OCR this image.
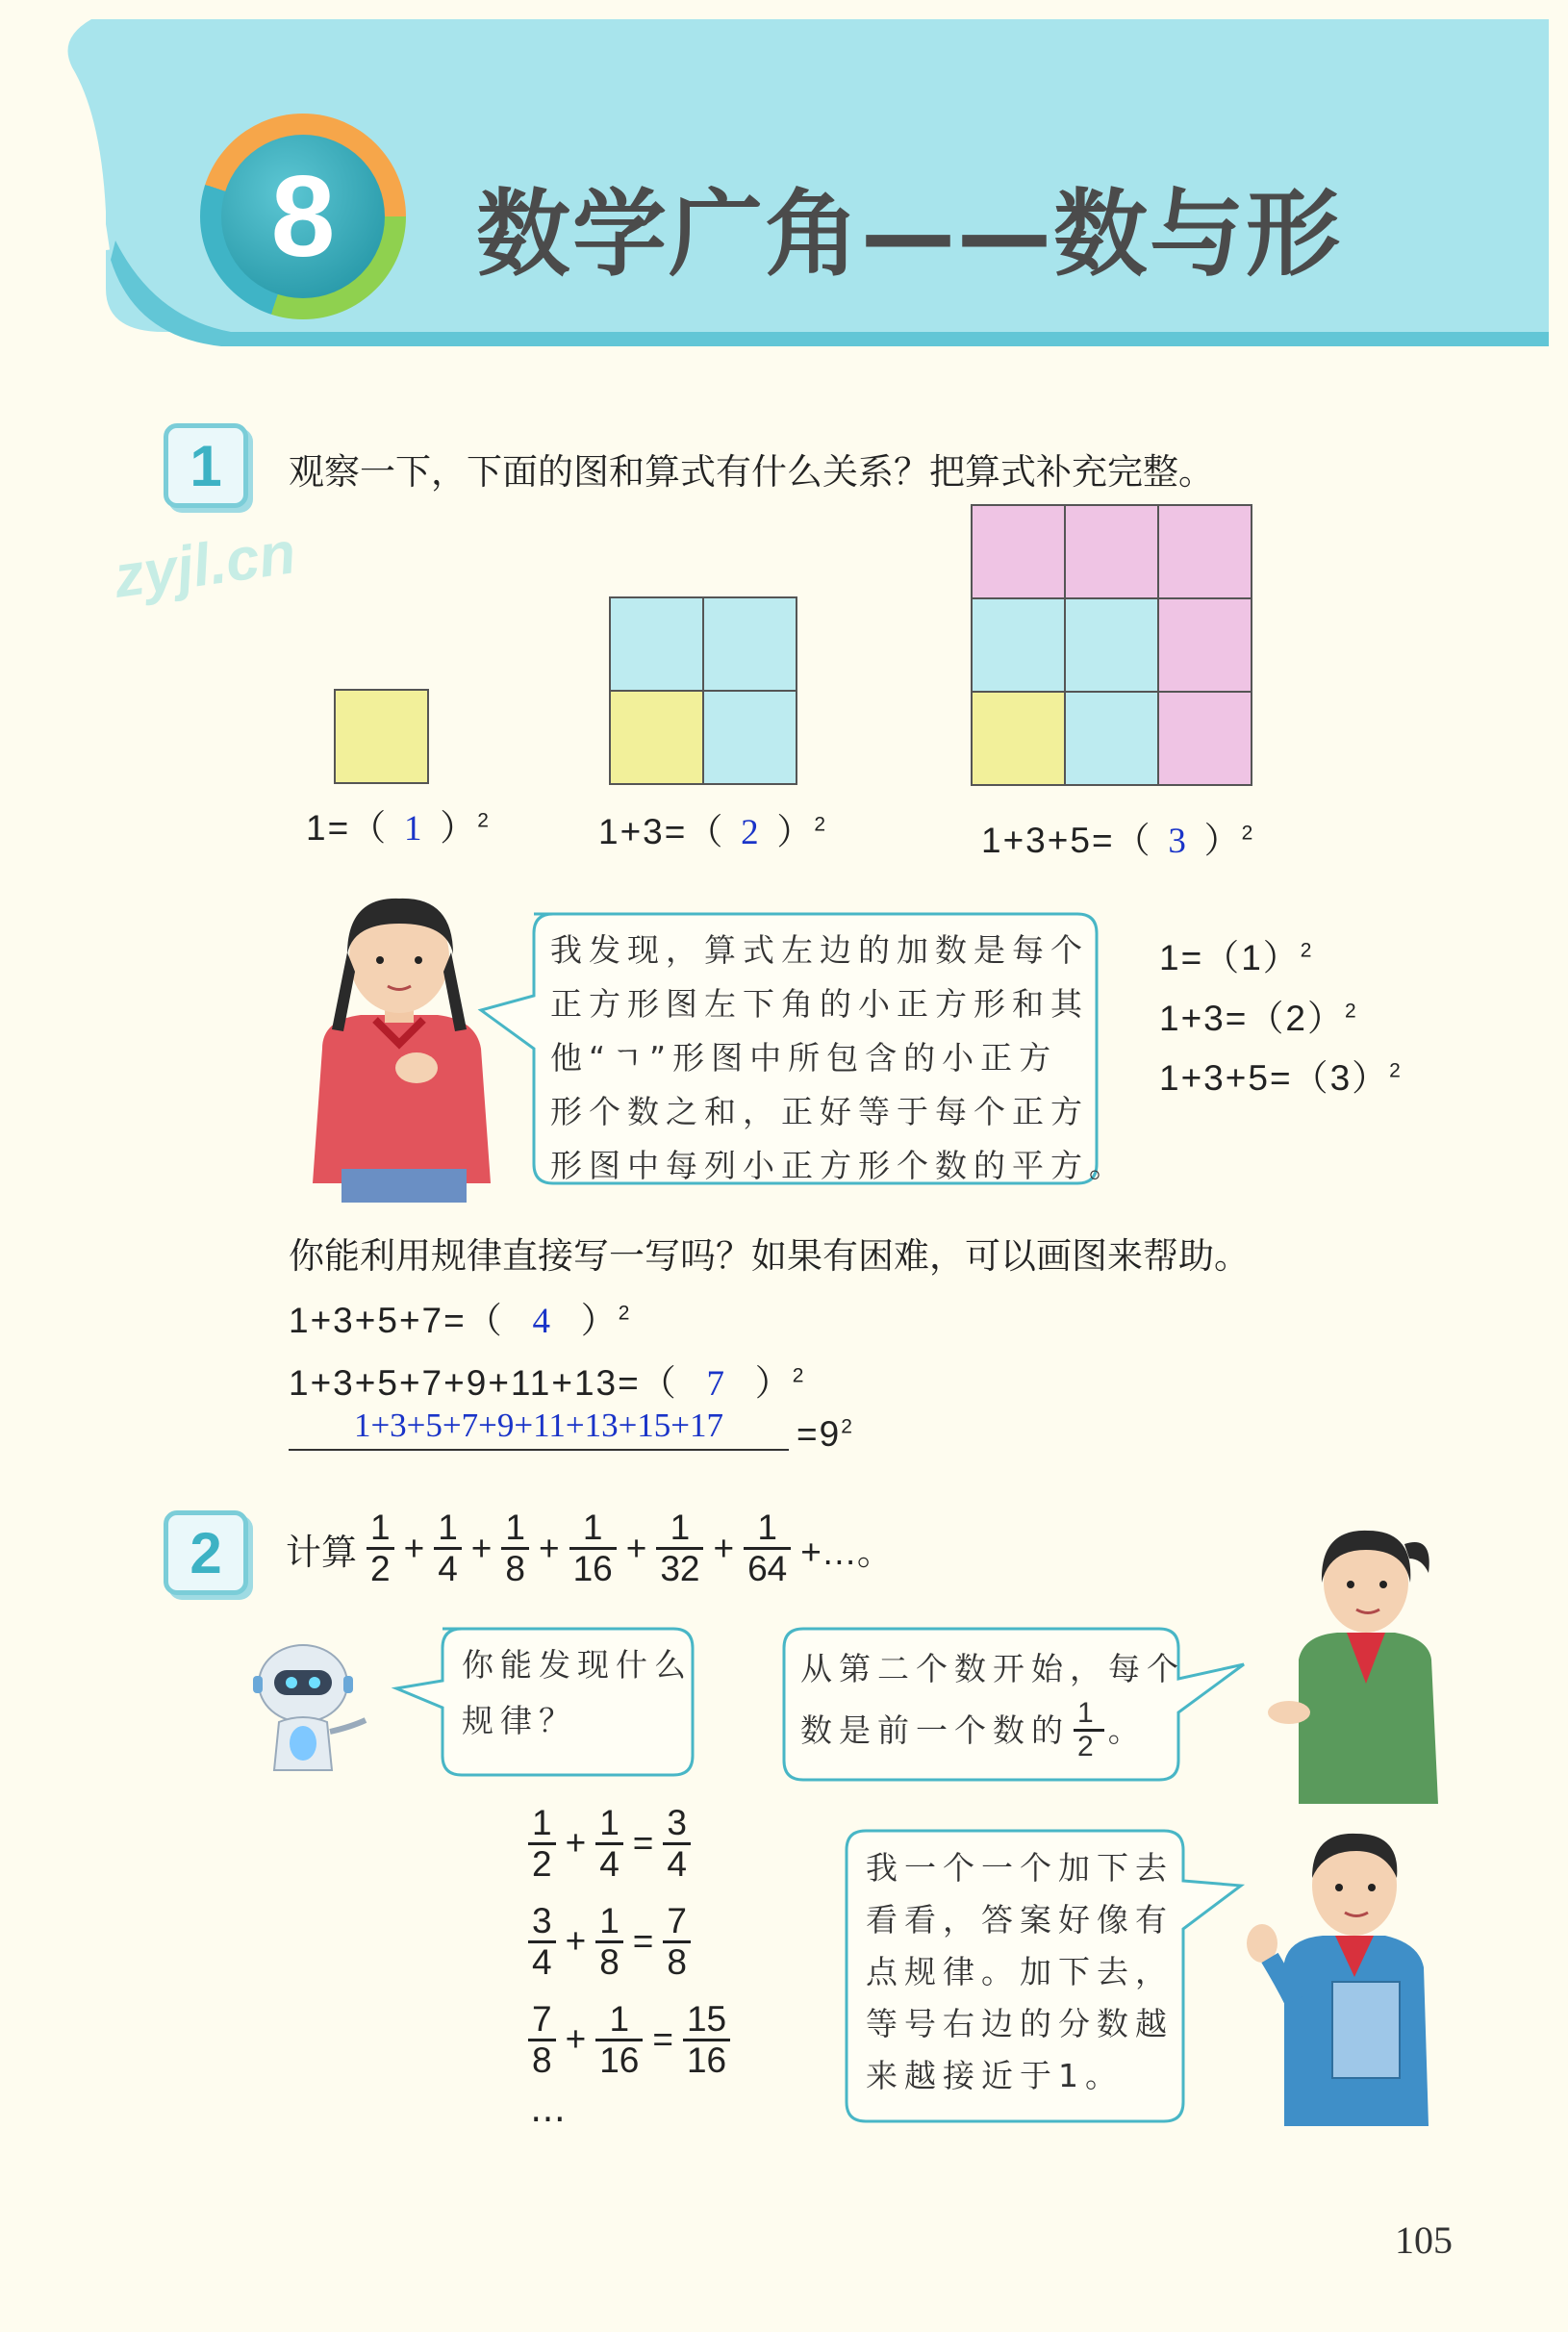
8 数学广角——数与形
zyjl.cn
1	观察一下，下面的图和算式有什么关系？把算式补充完整。
1=（ 1 ）$^2$	1+3=（ 2 ）$^2$	1+3+5=（ 3 ）$^2$
我发现，算式左边的加数是每个
正方形图左下角的小正方形和其
他“ㄱ”形图中所包含的小正方
形个数之和，正好等于每个正方
形图中每列小正方形个数的平方。
$1=(1)^2$
$1+3=(2)^2$
$1+3+5=(3)^2$
你能利用规律直接写一写吗？如果有困难，可以画图来帮助。
1+3+5+7=（ 4 ）$^2$
1+3+5+7+9+11+13=（ 7 ）$^2$
1+3+5+7+9+11+13+15+17	$=9^2$
2	计算 $\frac{1}{2} + \frac{1}{4} + \frac{1}{8} + \frac{1}{16} + \frac{1}{32} + \frac{1}{64}$ +…。
你能发现什么
规律？
从第二个数开始，每个
数是前一个数的 $\frac{1}{2}$ 。
$\frac{1}{2} + \frac{1}{4} = \frac{3}{4}$
$\frac{3}{4} + \frac{1}{8} = \frac{7}{8}$
$\frac{7}{8} + \frac{1}{16} = \frac{15}{16}$
…
我一个一个加下去
看看，答案好像有
点规律。加下去，
等号右边的分数越
来越接近于1。
105
